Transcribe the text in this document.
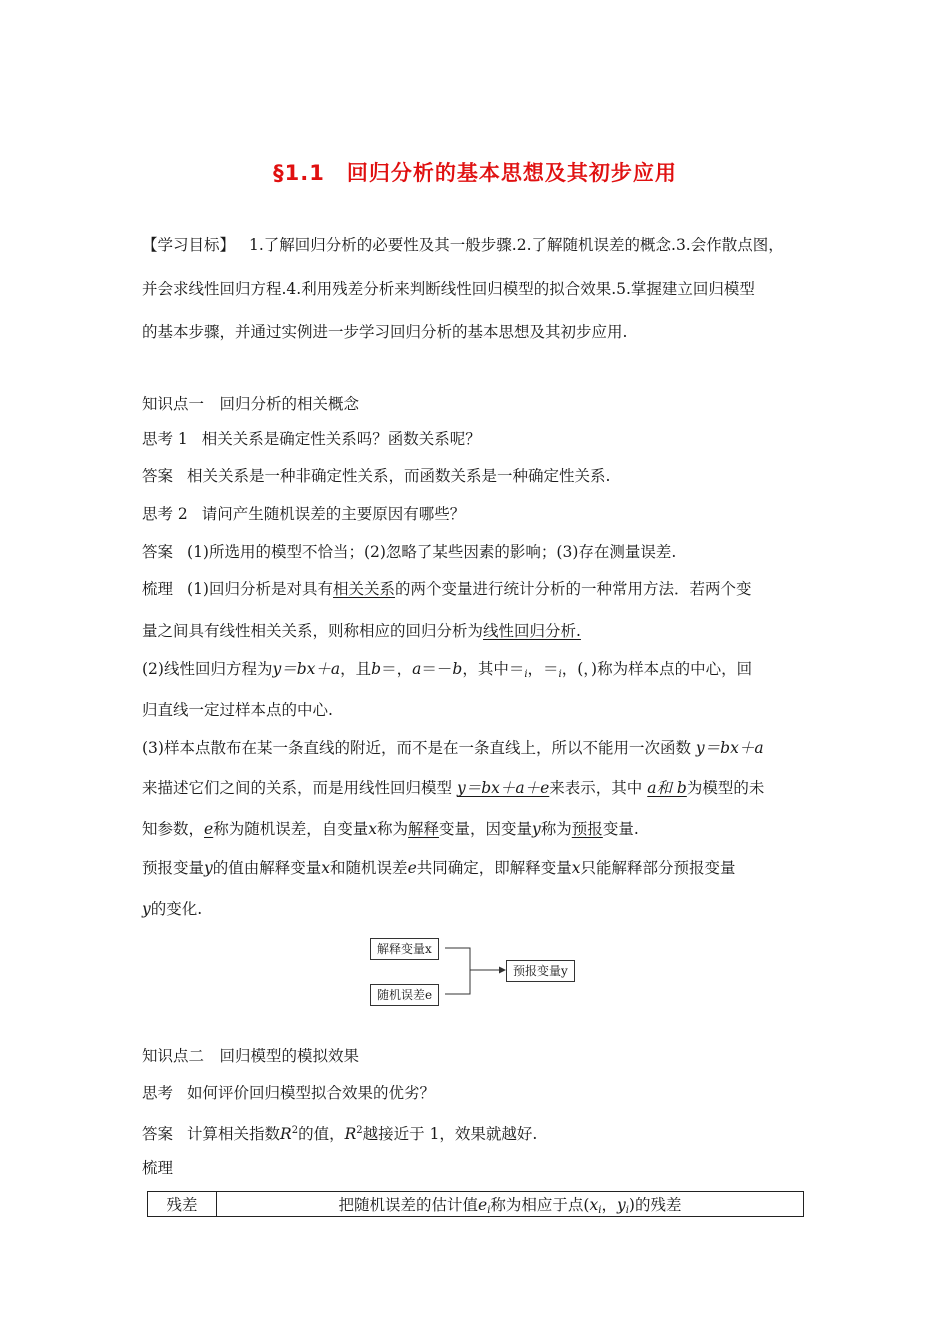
§1.1　回归分析的基本思想及其初步应用
【学习目标】 1.了解回归分析的必要性及其一般步骤.2.了解随机误差的概念.3.会作散点图，
并会求线性回归方程.4.利用残差分析来判断线性回归模型的拟合效果.5.掌握建立回归模型
的基本步骤，并通过实例进一步学习回归分析的基本思想及其初步应用.
知识点一　回归分析的相关概念
思考 1 相关关系是确定性关系吗？函数关系呢？
答案 相关关系是一种非确定性关系，而函数关系是一种确定性关系.
思考 2 请问产生随机误差的主要原因有哪些？
答案 (1)所选用的模型不恰当；(2)忽略了某些因素的影响；(3)存在测量误差.
梳理 (1)回归分析是对具有相关关系的两个变量进行统计分析的一种常用方法．若两个变
量之间具有线性相关关系，则称相应的回归分析为线性回归分析.
(2)线性回归方程为y＝bx＋a，且b＝，a＝－b，其中$=_i$，$=_i$，(，)称为样本点的中心，回
归直线一定过样本点的中心.
(3)样本点散布在某一条直线的附近，而不是在一条直线上，所以不能用一次函数 y＝bx＋a
来描述它们之间的关系，而是用线性回归模型 y＝bx＋a＋e来表示，其中 a和 b为模型的未
知参数，e称为随机误差，自变量x称为解释变量，因变量y称为预报变量.
预报变量y的值由解释变量x和随机误差e共同确定，即解释变量x只能解释部分预报变量
y的变化.
解释变量x
随机误差e
预报变量y
知识点二　回归模型的模拟效果
思考 如何评价回归模型拟合效果的优劣？
答案 计算相关指数$R^2$的值，$R^2$越接近于 1，效果就越好.
梳理
残差	把随机误差的估计值$e_i$称为相应于点($x_i$，$y_i$)的残差
